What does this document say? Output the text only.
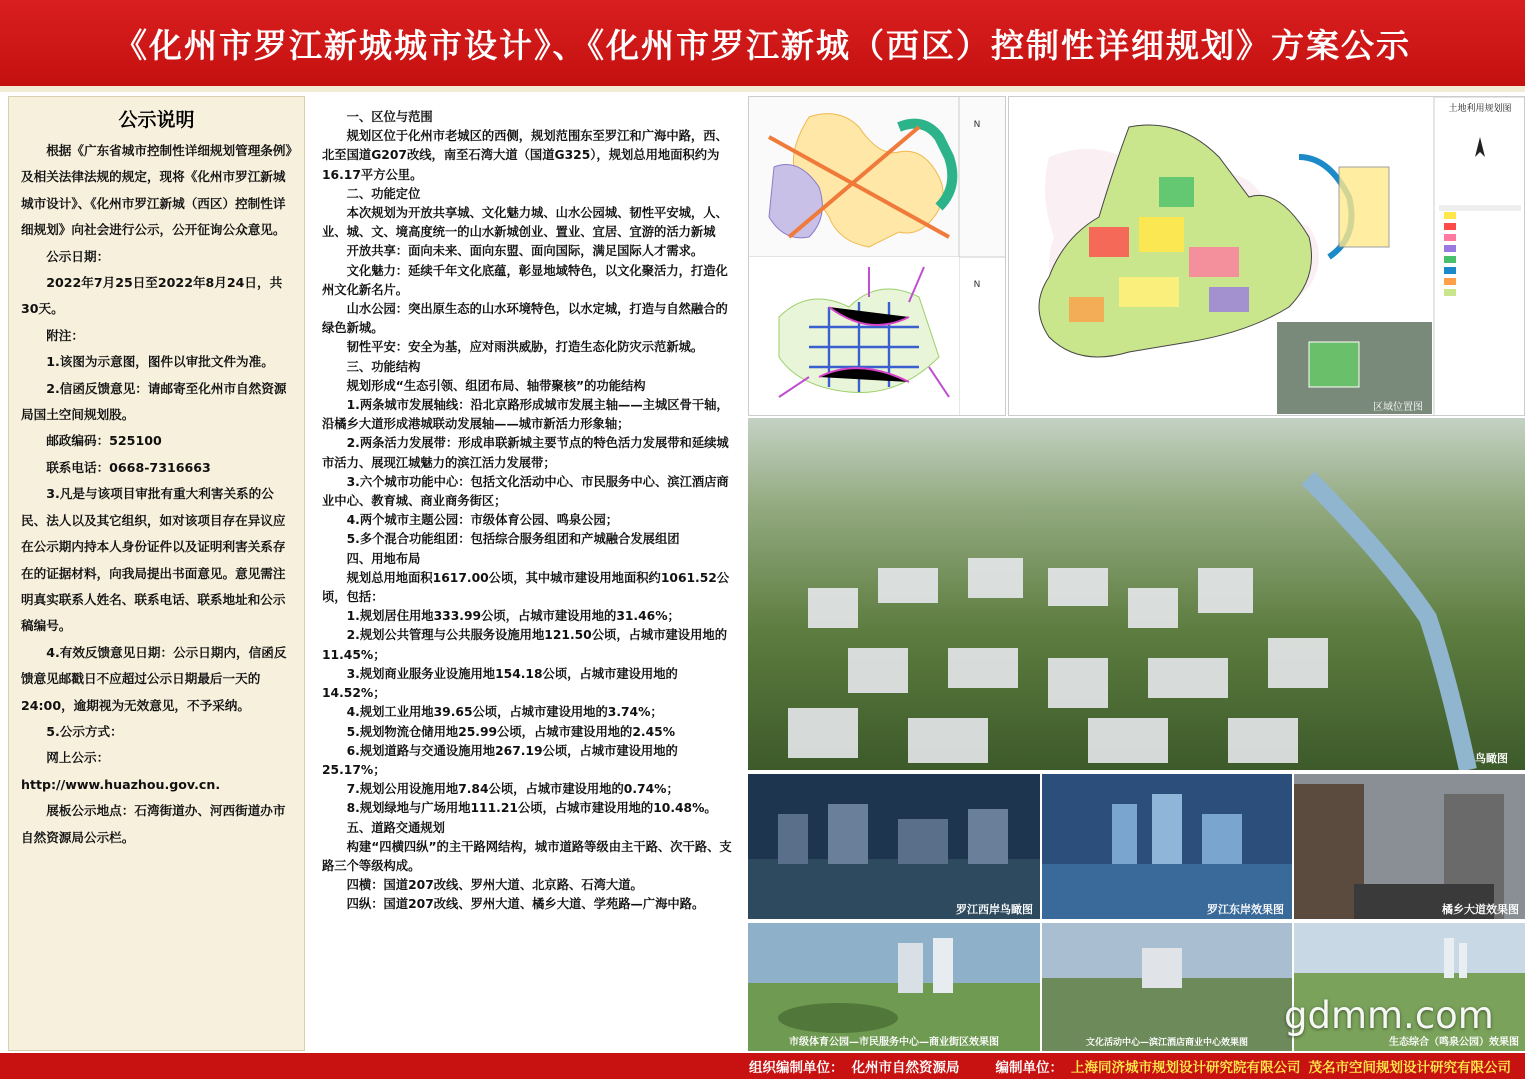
《化州市罗江新城城市设计》、《化州市罗江新城（西区）控制性详细规划》方案公示
公示说明

根据《广东省城市控制性详细规划管理条例》及相关法律法规的规定，现将《化州市罗江新城城市设计》、《化州市罗江新城（西区）控制性详细规划》向社会进行公示，公开征询公众意见。

公示日期：

2022年7月25日至2022年8月24日，共30天。

附注：

1.该图为示意图，图件以审批文件为准。

2.信函反馈意见：请邮寄至化州市自然资源局国土空间规划股。

邮政编码：525100

联系电话：0668-7316663

3.凡是与该项目审批有重大利害关系的公民、法人以及其它组织，如对该项目存在异议应在公示期内持本人身份证件以及证明利害关系存在的证据材料，向我局提出书面意见。意见需注明真实联系人姓名、联系电话、联系地址和公示稿编号。

4.有效反馈意见日期：公示日期内，信函反馈意见邮戳日不应超过公示日期最后一天的24:00，逾期视为无效意见，不予采纳。

5.公示方式：

网上公示：http://www.huazhou.gov.cn.

展板公示地点：石湾街道办、河西街道办市自然资源局公示栏。

一、区位与范围

规划区位于化州市老城区的西侧，规划范围东至罗江和广海中路，西、北至国道G207改线，南至石湾大道（国道G325），规划总用地面积约为16.17平方公里。

二、功能定位

本次规划为开放共享城、文化魅力城、山水公园城、韧性平安城，人、业、城、文、境高度统一的山水新城创业、置业、宜居、宜游的活力新城

开放共享：面向未来、面向东盟、面向国际，满足国际人才需求。

文化魅力：延续千年文化底蕴，彰显地域特色，以文化聚活力，打造化州文化新名片。

山水公园：突出原生态的山水环境特色，以水定城，打造与自然融合的绿色新城。

韧性平安：安全为基，应对雨洪威胁，打造生态化防灾示范新城。

三、功能结构

规划形成“生态引领、组团布局、轴带聚核”的功能结构

1.两条城市发展轴线：沿北京路形成城市发展主轴——主城区骨干轴，沿橘乡大道形成港城联动发展轴——城市新活力形象轴；

2.两条活力发展带：形成串联新城主要节点的特色活力发展带和延续城市活力、展现江城魅力的滨江活力发展带；

3.六个城市功能中心：包括文化活动中心、市民服务中心、滨江酒店商业中心、教育城、商业商务街区；

4.两个城市主题公园：市级体育公园、鸣泉公园；

5.多个混合功能组团：包括综合服务组团和产城融合发展组团

四、用地布局

规划总用地面积1617.00公顷，其中城市建设用地面积约1061.52公顷，包括：

1.规划居住用地333.99公顷，占城市建设用地的31.46%；

2.规划公共管理与公共服务设施用地121.50公顷，占城市建设用地的11.45%；

3.规划商业服务业设施用地154.18公顷，占城市建设用地的14.52%；

4.规划工业用地39.65公顷，占城市建设用地的3.74%；

5.规划物流仓储用地25.99公顷，占城市建设用地的2.45%

6.规划道路与交通设施用地267.19公顷，占城市建设用地的25.17%；

7.规划公用设施用地7.84公顷，占城市建设用地的0.74%；

8.规划绿地与广场用地111.21公顷，占城市建设用地的10.48%。

五、道路交通规划

构建“四横四纵”的主干路网结构，城市道路等级由主干路、次干路、支路三个等级构成。

四横：国道207改线、罗州大道、北京路、石湾大道。

四纵：国道207改线、罗州大道、橘乡大道、学苑路—广海中路。

N
N
土地利用规划图
区域位置图
鸟瞰图
罗江西岸鸟瞰图	罗江东岸效果图	橘乡大道效果图
市级体育公园—市民服务中心—商业街区效果图	文化活动中心—滨江酒店商业中心效果图	生态综合（鸣泉公园）效果图
gdmm.com
组织编制单位： 化州市自然资源局	编制单位： 上海同济城市规划设计研究院有限公司 茂名市空间规划设计研究有限公司
